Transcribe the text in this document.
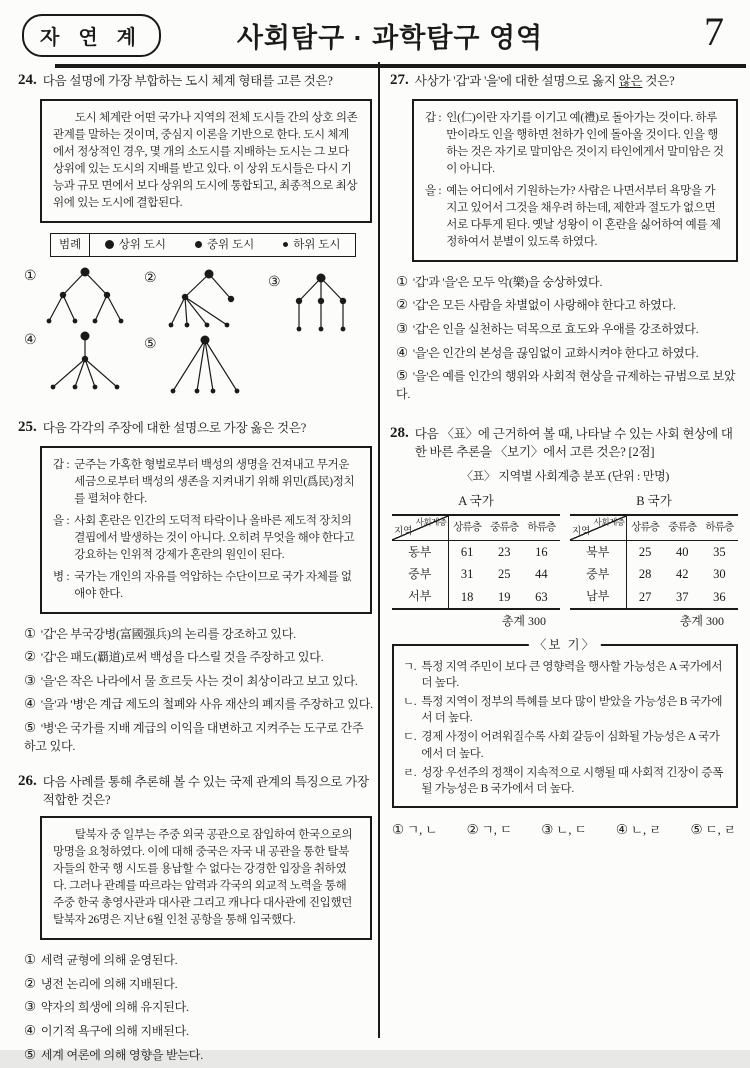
자 연 계	사회탐구 · 과학탐구 영역	7
24. 다음 설명에 가장 부합하는 도시 체계 형태를 고른 것은?

도시 체계란 어떤 국가나 지역의 전체 도시들 간의 상호 의존 관계를 말하는 것이며, 중심지 이론을 기반으로 한다. 도시 체계에서 정상적인 경우, 몇 개의 소도시를 지배하는 도시는 그 보다 상위에 있는 도시의 지배를 받고 있다. 이 상위 도시들은 다시 기능과 규모 면에서 보다 상위의 도시에 통합되고, 최종적으로 최상위에 있는 도시에 결합된다.

범례	상위 도시	중위 도시	하위 도시
①	②	③
④	⑤
25. 다음 각각의 주장에 대한 설명으로 가장 옳은 것은?
갑 : 군주는 가혹한 형벌로부터 백성의 생명을 건져내고 무거운 세금으로부터 백성의 생존을 지켜내기 위해 위민(爲民)정치를 펼쳐야 한다.
을 : 사회 혼란은 인간의 도덕적 타락이나 올바른 제도적 장치의 결핍에서 발생하는 것이 아니다. 오히려 무엇을 해야 한다고 강요하는 인위적 강제가 혼란의 원인이 된다.
병 : 국가는 개인의 자유를 억압하는 수단이므로 국가 자체를 없애야 한다.
① '갑'은 부국강병(富國强兵)의 논리를 강조하고 있다.
② '갑'은 패도(覇道)로써 백성을 다스릴 것을 주장하고 있다.
③ '을'은 작은 나라에서 물 흐르듯 사는 것이 최상이라고 보고 있다.
④ '을'과 '병'은 계급 제도의 철폐와 사유 재산의 폐지를 주장하고 있다.
⑤ '병'은 국가를 지배 계급의 이익을 대변하고 지켜주는 도구로 간주하고 있다.
26. 다음 사례를 통해 추론해 볼 수 있는 국제 관계의 특징으로 가장 적합한 것은?

탈북자 중 일부는 주중 외국 공관으로 잠입하여 한국으로의 망명을 요청하였다. 이에 대해 중국은 자국 내 공관을 통한 탈북자들의 한국 행 시도를 용납할 수 없다는 강경한 입장을 취하였다. 그러나 관례를 따르라는 압력과 각국의 외교적 노력을 통해 주중 한국 총영사관과 대사관 그리고 캐나다 대사관에 진입했던 탈북자 26명은 지난 6월 인천 공항을 통해 입국했다.

① 세력 균형에 의해 운영된다.
② 냉전 논리에 의해 지배된다.
③ 약자의 희생에 의해 유지된다.
④ 이기적 욕구에 의해 지배된다.
⑤ 세계 여론에 의해 영향을 받는다.
27. 사상가 '갑'과 '을'에 대한 설명으로 옳지 않은 것은?
갑 : 인(仁)이란 자기를 이기고 예(禮)로 돌아가는 것이다. 하루만이라도 인을 행하면 천하가 인에 돌아올 것이다. 인을 행하는 것은 자기로 말미암은 것이지 타인에게서 말미암은 것이 아니다.
을 : 예는 어디에서 기원하는가? 사람은 나면서부터 욕망을 가지고 있어서 그것을 채우려 하는데, 제한과 절도가 없으면 서로 다투게 된다. 옛날 성왕이 이 혼란을 싫어하여 예를 제정하여서 분별이 있도록 하였다.
① '갑'과 '을'은 모두 악(樂)을 숭상하였다.
② '갑'은 모든 사람을 차별없이 사랑해야 한다고 하였다.
③ '갑'은 인을 실천하는 덕목으로 효도와 우애를 강조하였다.
④ '을'은 인간의 본성을 끊임없이 교화시켜야 한다고 하였다.
⑤ '을'은 예를 인간의 행위와 사회적 현상을 규제하는 규범으로 보았다.
28. 다음 〈표〉에 근거하여 볼 때, 나타날 수 있는 사회 현상에 대한 바른 추론을 〈보기〉에서 고른 것은? [2점]
〈표〉 지역별 사회계층 분포 (단위 : 만명)
A 국가
사회계층
지역	상류층	중류층	하류층
동부	61	23	16
중부	31	25	44
서부	18	19	63
총계 300
B 국가
사회계층
지역	상류층	중류층	하류층
북부	25	40	35
중부	28	42	30
남부	27	37	36
총계 300
〈보 기〉
ㄱ. 특정 지역 주민이 보다 큰 영향력을 행사할 가능성은 A 국가에서 더 높다.
ㄴ. 특정 지역이 정부의 특혜를 보다 많이 받았을 가능성은 B 국가에서 더 높다.
ㄷ. 경제 사정이 어려워질수록 사회 갈등이 심화될 가능성은 A 국가에서 더 높다.
ㄹ. 성장 우선주의 정책이 지속적으로 시행될 때 사회적 긴장이 증폭될 가능성은 B 국가에서 더 높다.
① ㄱ, ㄴ ② ㄱ, ㄷ ③ ㄴ, ㄷ ④ ㄴ, ㄹ ⑤ ㄷ, ㄹ
